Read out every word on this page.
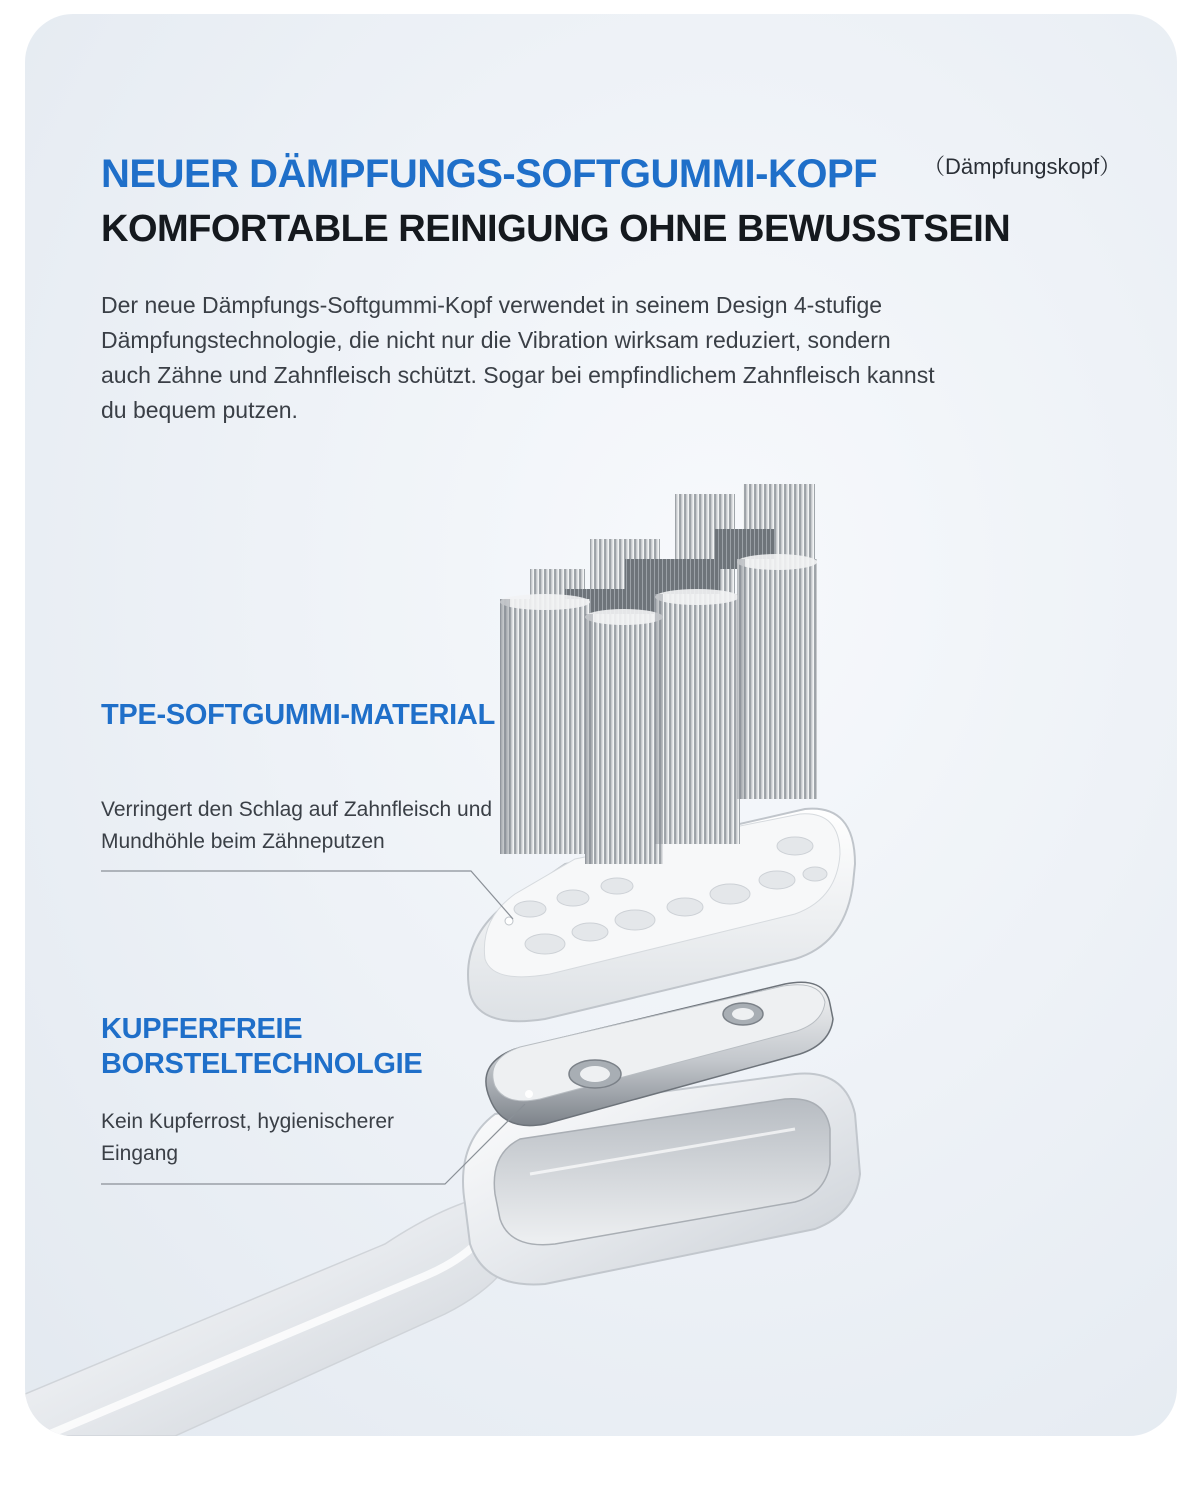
NEUER DÄMPFUNGS-SOFTGUMMI-KOPF （Dämpfungskopf）
KOMFORTABLE REINIGUNG OHNE BEWUSSTSEIN

Der neue Dämpfungs-Softgummi-Kopf verwendet in seinem Design 4-stufige Dämpfungstechnologie, die nicht nur die Vibration wirksam reduziert, sondern auch Zähne und Zahnfleisch schützt. Sogar bei empfindlichem Zahnfleisch kannst du bequem putzen.

TPE-SOFTGUMMI-MATERIAL

Verringert den Schlag auf Zahnfleisch und Mundhöhle beim Zähneputzen

KUPFERFREIE BORSTELTECHNOLGIE

Kein Kupferrost, hygienischerer Eingang
